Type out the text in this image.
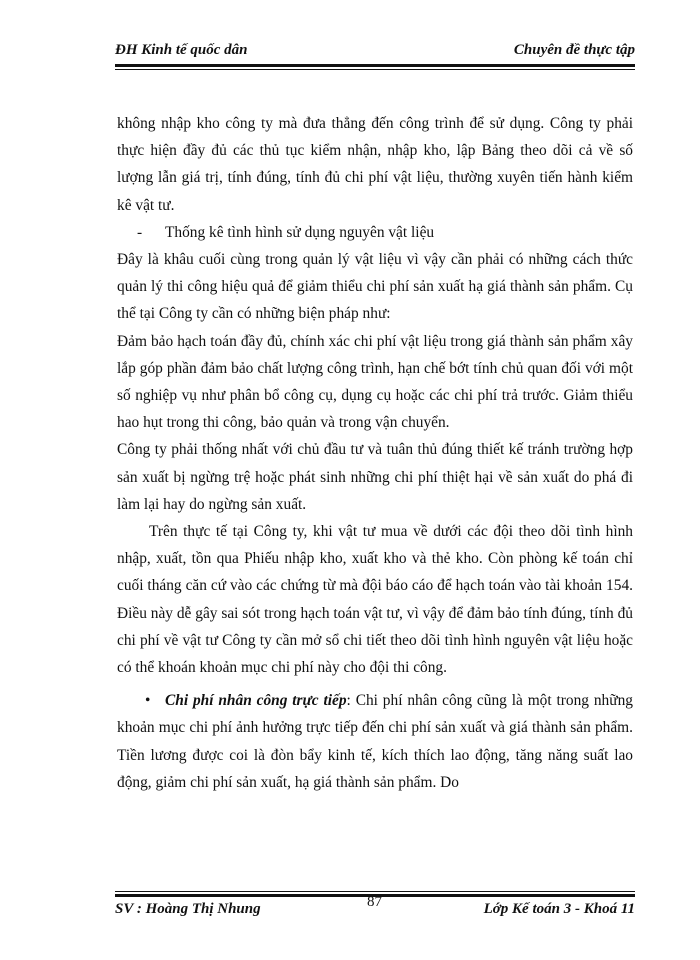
ĐH Kinh tế quốc dân	Chuyên đề thực tập

không nhập kho công ty mà đưa thẳng đến công trình để sử dụng. Công ty phải thực hiện đầy đủ các thủ tục kiểm nhận, nhập kho, lập Bảng theo dõi cả về số lượng lẫn giá trị, tính đúng, tính đủ chi phí vật liệu, thường xuyên tiến hành kiểm kê vật tư.

- Thống kê tình hình sử dụng nguyên vật liệu

Đây là khâu cuối cùng trong quản lý vật liệu vì vậy cần phải có những cách thức quản lý thi công hiệu quả để giảm thiểu chi phí sản xuất hạ giá thành sản phẩm. Cụ thể tại Công ty cần có những biện pháp như:

Đảm bảo hạch toán đầy đủ, chính xác chi phí vật liệu trong giá thành sản phẩm xây lắp góp phần đảm bảo chất lượng công trình, hạn chế bớt tính chủ quan đối với một số nghiệp vụ như phân bổ công cụ, dụng cụ hoặc các chi phí trả trước. Giảm thiểu hao hụt trong thi công, bảo quản và trong vận chuyển.

Công ty phải thống nhất với chủ đầu tư và tuân thủ đúng thiết kế tránh trường hợp sản xuất bị ngừng trệ hoặc phát sinh những chi phí thiệt hại về sản xuất do phá đi làm lại hay do ngừng sản xuất.

Trên thực tế tại Công ty, khi vật tư mua về dưới các đội theo dõi tình hình nhập, xuất, tồn qua Phiếu nhập kho, xuất kho và thẻ kho. Còn phòng kế toán chỉ cuối tháng căn cứ vào các chứng từ mà đội báo cáo để hạch toán vào tài khoản 154. Điều này dễ gây sai sót trong hạch toán vật tư, vì vậy để đảm bảo tính đúng, tính đủ chi phí về vật tư Công ty cần mở sổ chi tiết theo dõi tình hình nguyên vật liệu hoặc có thể khoán khoản mục chi phí này cho đội thi công.

• Chi phí nhân công trực tiếp: Chi phí nhân công cũng là một trong những khoản mục chi phí ảnh hưởng trực tiếp đến chi phí sản xuất và giá thành sản phẩm. Tiền lương được coi là đòn bẩy kinh tế, kích thích lao động, tăng năng suất lao động, giảm chi phí sản xuất, hạ giá thành sản phẩm. Do

SV : Hoàng Thị Nhung	87	Lớp Kế toán 3 - Khoá 11
